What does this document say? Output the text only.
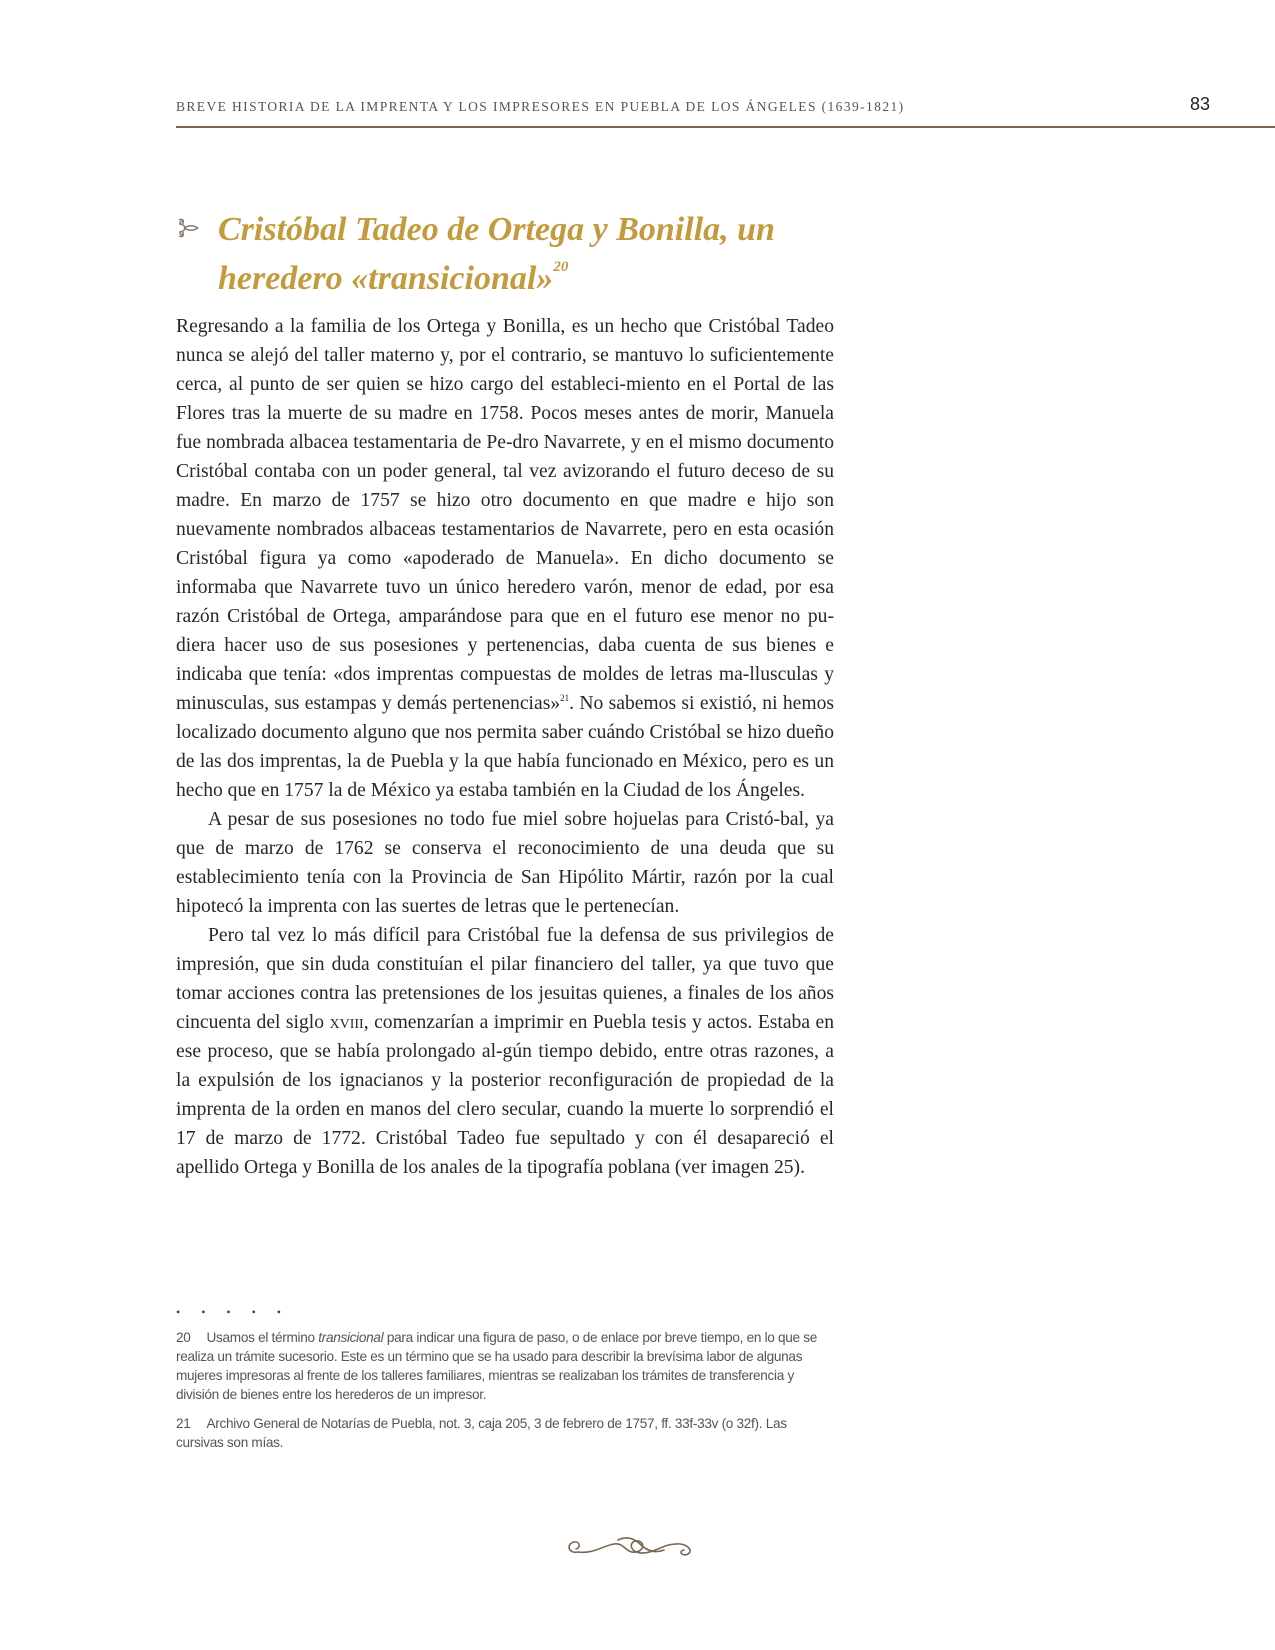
BREVE HISTORIA DE LA IMPRENTA Y LOS IMPRESORES EN PUEBLA DE LOS ÁNGELES (1639-1821)	83
Cristóbal Tadeo de Ortega y Bonilla, un heredero «transicional»$^{20}$

Regresando a la familia de los Ortega y Bonilla, es un hecho que Cristóbal Tadeo nunca se alejó del taller materno y, por el contrario, se mantuvo lo suficientemente cerca, al punto de ser quien se hizo cargo del estableci-miento en el Portal de las Flores tras la muerte de su madre en 1758. Pocos meses antes de morir, Manuela fue nombrada albacea testamentaria de Pe-dro Navarrete, y en el mismo documento Cristóbal contaba con un poder general, tal vez avizorando el futuro deceso de su madre. En marzo de 1757 se hizo otro documento en que madre e hijo son nuevamente nombrados albaceas testamentarios de Navarrete, pero en esta ocasión Cristóbal figura ya como «apoderado de Manuela». En dicho documento se informaba que Navarrete tuvo un único heredero varón, menor de edad, por esa razón Cristóbal de Ortega, amparándose para que en el futuro ese menor no pu-diera hacer uso de sus posesiones y pertenencias, daba cuenta de sus bienes e indicaba que tenía: «dos imprentas compuestas de moldes de letras ma-llusculas y minusculas, sus estampas y demás pertenencias»$^{21}$. No sabemos si existió, ni hemos localizado documento alguno que nos permita saber cuándo Cristóbal se hizo dueño de las dos imprentas, la de Puebla y la que había funcionado en México, pero es un hecho que en 1757 la de México ya estaba también en la Ciudad de los Ángeles.

A pesar de sus posesiones no todo fue miel sobre hojuelas para Cristó-bal, ya que de marzo de 1762 se conserva el reconocimiento de una deuda que su establecimiento tenía con la Provincia de San Hipólito Mártir, razón por la cual hipotecó la imprenta con las suertes de letras que le pertenecían.

Pero tal vez lo más difícil para Cristóbal fue la defensa de sus privilegios de impresión, que sin duda constituían el pilar financiero del taller, ya que tuvo que tomar acciones contra las pretensiones de los jesuitas quienes, a finales de los años cincuenta del siglo xviii, comenzarían a imprimir en Puebla tesis y actos. Estaba en ese proceso, que se había prolongado al-gún tiempo debido, entre otras razones, a la expulsión de los ignacianos y la posterior reconfiguración de propiedad de la imprenta de la orden en manos del clero secular, cuando la muerte lo sorprendió el 17 de marzo de 1772. Cristóbal Tadeo fue sepultado y con él desapareció el apellido Ortega y Bonilla de los anales de la tipografía poblana (ver imagen 25).

• • • • •

20 Usamos el término transicional para indicar una figura de paso, o de enlace por breve tiempo, en lo que se realiza un trámite sucesorio. Este es un término que se ha usado para describir la brevísima labor de algunas mujeres impresoras al frente de los talleres familiares, mientras se realizaban los trámites de transferencia y división de bienes entre los herederos de un impresor.

21 Archivo General de Notarías de Puebla, not. 3, caja 205, 3 de febrero de 1757, ff. 33f-33v (o 32f). Las cursivas son mías.
